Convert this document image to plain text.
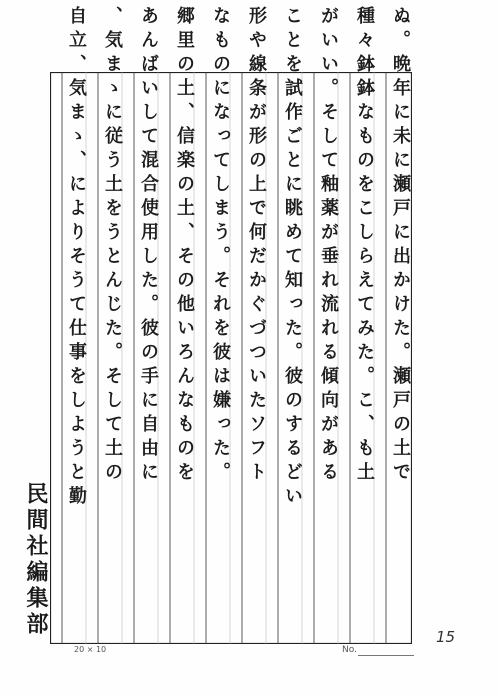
ぬ。晩年に未に瀬戸に出かけた。瀬戸の土で
種々鉢鉢なものをこしらえてみた。こ、も土
がいい。そして釉薬が垂れ流れる傾向がある
ことを試作ごとに眺めて知った。彼のするどい
形や線条が形の上で何だかぐづついたソフト
なものになってしまう。それを彼は嫌った。
郷里の土、信楽の土、その他いろんなものを
あんばいして混合使用した。彼の手に自由に
、気まゝに従う土をうとんじた。そして土の
自立、気まゝ、によりそうて仕事をしようと勤
民間社編集部
20 × 10	No.
15
